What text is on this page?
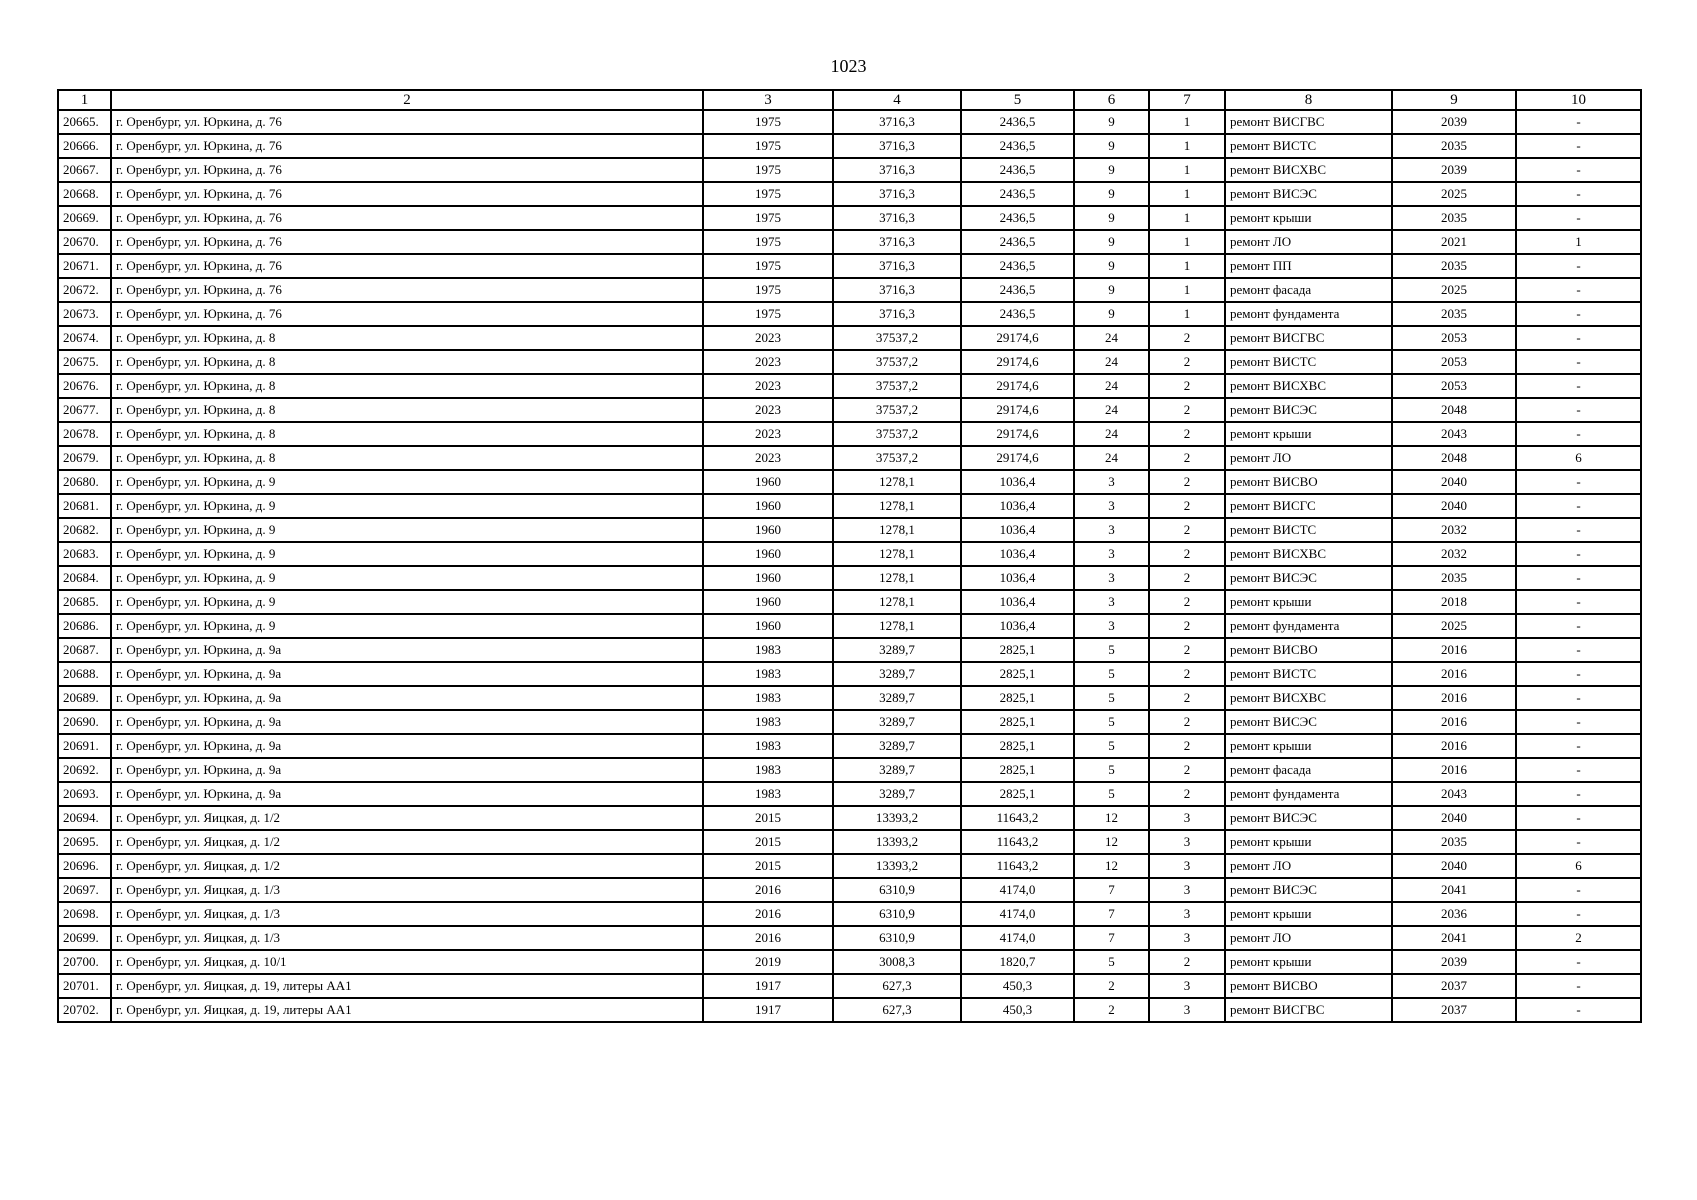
1023
1	2	3	4	5	6	7	8	9	10
20665.	г. Оренбург, ул. Юркина, д. 76	1975	3716,3	2436,5	9	1	ремонт ВИСГВС	2039	-
20666.	г. Оренбург, ул. Юркина, д. 76	1975	3716,3	2436,5	9	1	ремонт ВИСТС	2035	-
20667.	г. Оренбург, ул. Юркина, д. 76	1975	3716,3	2436,5	9	1	ремонт ВИСХВС	2039	-
20668.	г. Оренбург, ул. Юркина, д. 76	1975	3716,3	2436,5	9	1	ремонт ВИСЭС	2025	-
20669.	г. Оренбург, ул. Юркина, д. 76	1975	3716,3	2436,5	9	1	ремонт крыши	2035	-
20670.	г. Оренбург, ул. Юркина, д. 76	1975	3716,3	2436,5	9	1	ремонт ЛО	2021	1
20671.	г. Оренбург, ул. Юркина, д. 76	1975	3716,3	2436,5	9	1	ремонт ПП	2035	-
20672.	г. Оренбург, ул. Юркина, д. 76	1975	3716,3	2436,5	9	1	ремонт фасада	2025	-
20673.	г. Оренбург, ул. Юркина, д. 76	1975	3716,3	2436,5	9	1	ремонт фундамента	2035	-
20674.	г. Оренбург, ул. Юркина, д. 8	2023	37537,2	29174,6	24	2	ремонт ВИСГВС	2053	-
20675.	г. Оренбург, ул. Юркина, д. 8	2023	37537,2	29174,6	24	2	ремонт ВИСТС	2053	-
20676.	г. Оренбург, ул. Юркина, д. 8	2023	37537,2	29174,6	24	2	ремонт ВИСХВС	2053	-
20677.	г. Оренбург, ул. Юркина, д. 8	2023	37537,2	29174,6	24	2	ремонт ВИСЭС	2048	-
20678.	г. Оренбург, ул. Юркина, д. 8	2023	37537,2	29174,6	24	2	ремонт крыши	2043	-
20679.	г. Оренбург, ул. Юркина, д. 8	2023	37537,2	29174,6	24	2	ремонт ЛО	2048	6
20680.	г. Оренбург, ул. Юркина, д. 9	1960	1278,1	1036,4	3	2	ремонт ВИСВО	2040	-
20681.	г. Оренбург, ул. Юркина, д. 9	1960	1278,1	1036,4	3	2	ремонт ВИСГС	2040	-
20682.	г. Оренбург, ул. Юркина, д. 9	1960	1278,1	1036,4	3	2	ремонт ВИСТС	2032	-
20683.	г. Оренбург, ул. Юркина, д. 9	1960	1278,1	1036,4	3	2	ремонт ВИСХВС	2032	-
20684.	г. Оренбург, ул. Юркина, д. 9	1960	1278,1	1036,4	3	2	ремонт ВИСЭС	2035	-
20685.	г. Оренбург, ул. Юркина, д. 9	1960	1278,1	1036,4	3	2	ремонт крыши	2018	-
20686.	г. Оренбург, ул. Юркина, д. 9	1960	1278,1	1036,4	3	2	ремонт фундамента	2025	-
20687.	г. Оренбург, ул. Юркина, д. 9а	1983	3289,7	2825,1	5	2	ремонт ВИСВО	2016	-
20688.	г. Оренбург, ул. Юркина, д. 9а	1983	3289,7	2825,1	5	2	ремонт ВИСТС	2016	-
20689.	г. Оренбург, ул. Юркина, д. 9а	1983	3289,7	2825,1	5	2	ремонт ВИСХВС	2016	-
20690.	г. Оренбург, ул. Юркина, д. 9а	1983	3289,7	2825,1	5	2	ремонт ВИСЭС	2016	-
20691.	г. Оренбург, ул. Юркина, д. 9а	1983	3289,7	2825,1	5	2	ремонт крыши	2016	-
20692.	г. Оренбург, ул. Юркина, д. 9а	1983	3289,7	2825,1	5	2	ремонт фасада	2016	-
20693.	г. Оренбург, ул. Юркина, д. 9а	1983	3289,7	2825,1	5	2	ремонт фундамента	2043	-
20694.	г. Оренбург, ул. Яицкая, д. 1/2	2015	13393,2	11643,2	12	3	ремонт ВИСЭС	2040	-
20695.	г. Оренбург, ул. Яицкая, д. 1/2	2015	13393,2	11643,2	12	3	ремонт крыши	2035	-
20696.	г. Оренбург, ул. Яицкая, д. 1/2	2015	13393,2	11643,2	12	3	ремонт ЛО	2040	6
20697.	г. Оренбург, ул. Яицкая, д. 1/3	2016	6310,9	4174,0	7	3	ремонт ВИСЭС	2041	-
20698.	г. Оренбург, ул. Яицкая, д. 1/3	2016	6310,9	4174,0	7	3	ремонт крыши	2036	-
20699.	г. Оренбург, ул. Яицкая, д. 1/3	2016	6310,9	4174,0	7	3	ремонт ЛО	2041	2
20700.	г. Оренбург, ул. Яицкая, д. 10/1	2019	3008,3	1820,7	5	2	ремонт крыши	2039	-
20701.	г. Оренбург, ул. Яицкая, д. 19, литеры АА1	1917	627,3	450,3	2	3	ремонт ВИСВО	2037	-
20702.	г. Оренбург, ул. Яицкая, д. 19, литеры АА1	1917	627,3	450,3	2	3	ремонт ВИСГВС	2037	-
